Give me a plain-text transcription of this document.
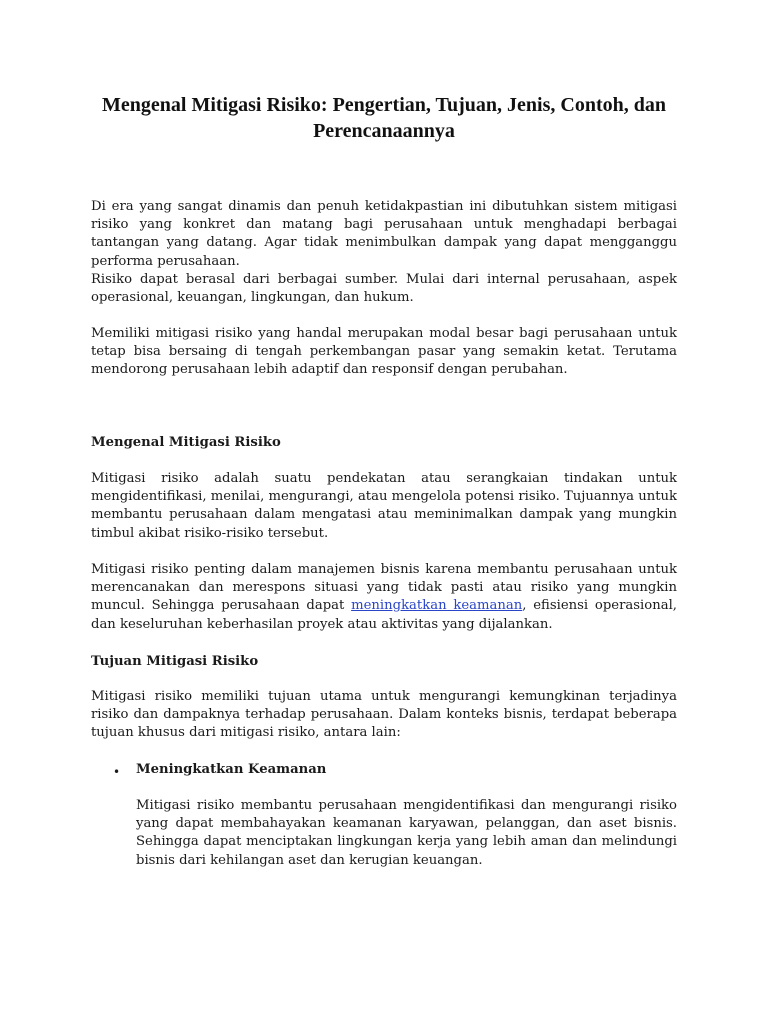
Mengenal Mitigasi Risiko: Pengertian, Tujuan, Jenis, Contoh, dan Perencanaannya

Di era yang sangat dinamis dan penuh ketidakpastian ini dibutuhkan sistem mitigasi risiko yang konkret dan matang bagi perusahaan untuk menghadapi berbagai tantangan yang datang. Agar tidak menimbulkan dampak yang dapat mengganggu performa perusahaan.

Risiko dapat berasal dari berbagai sumber. Mulai dari internal perusahaan, aspek operasional, keuangan, lingkungan, dan hukum.

Memiliki mitigasi risiko yang handal merupakan modal besar bagi perusahaan untuk tetap bisa bersaing di tengah perkembangan pasar yang semakin ketat. Terutama mendorong perusahaan lebih adaptif dan responsif dengan perubahan.

Mengenal Mitigasi Risiko

Mitigasi risiko adalah suatu pendekatan atau serangkaian tindakan untuk mengidentifikasi, menilai, mengurangi, atau mengelola potensi risiko. Tujuannya untuk membantu perusahaan dalam mengatasi atau meminimalkan dampak yang mungkin timbul akibat risiko-risiko tersebut.

Mitigasi risiko penting dalam manajemen bisnis karena membantu perusahaan untuk merencanakan dan merespons situasi yang tidak pasti atau risiko yang mungkin muncul. Sehingga perusahaan dapat meningkatkan keamanan, efisiensi operasional, dan keseluruhan keberhasilan proyek atau aktivitas yang dijalankan.

Tujuan Mitigasi Risiko

Mitigasi risiko memiliki tujuan utama untuk mengurangi kemungkinan terjadinya risiko dan dampaknya terhadap perusahaan. Dalam konteks bisnis, terdapat beberapa tujuan khusus dari mitigasi risiko, antara lain:

• Meningkatkan Keamanan

Mitigasi risiko membantu perusahaan mengidentifikasi dan mengurangi risiko yang dapat membahayakan keamanan karyawan, pelanggan, dan aset bisnis. Sehingga dapat menciptakan lingkungan kerja yang lebih aman dan melindungi bisnis dari kehilangan aset dan kerugian keuangan.
